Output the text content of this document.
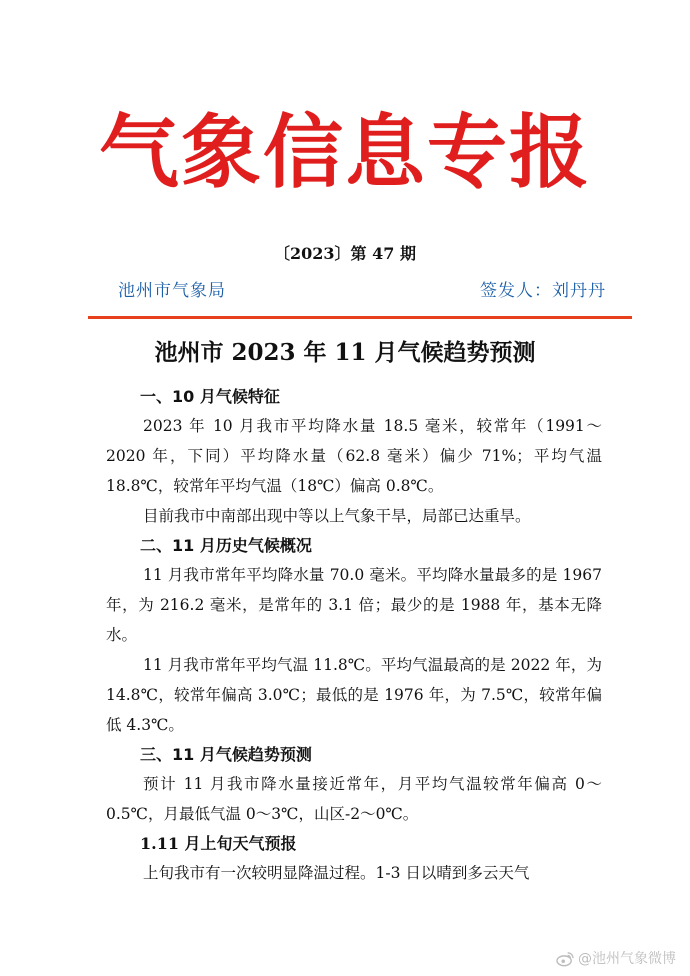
气象信息专报
〔2023〕第 47 期
池州市气象局	签发人：刘丹丹
池州市 2023 年 11 月气候趋势预测
一、10 月气候特征
2023 年 10 月我市平均降水量 18.5 毫米，较常年（1991～2020 年，下同）平均降水量（62.8 毫米）偏少 71%；平均气温 18.8℃，较常年平均气温（18℃）偏高 0.8℃。
目前我市中南部出现中等以上气象干旱，局部已达重旱。
二、11 月历史气候概况
11 月我市常年平均降水量 70.0 毫米。平均降水量最多的是 1967 年，为 216.2 毫米，是常年的 3.1 倍；最少的是 1988 年，基本无降水。
11 月我市常年平均气温 11.8℃。平均气温最高的是 2022 年，为 14.8℃，较常年偏高 3.0℃；最低的是 1976 年，为 7.5℃，较常年偏低 4.3℃。
三、11 月气候趋势预测
预计 11 月我市降水量接近常年，月平均气温较常年偏高 0～0.5℃，月最低气温 0～3℃，山区-2～0℃。
1.11 月上旬天气预报
上旬我市有一次较明显降温过程。1-3 日以晴到多云天气
@池州气象微博
